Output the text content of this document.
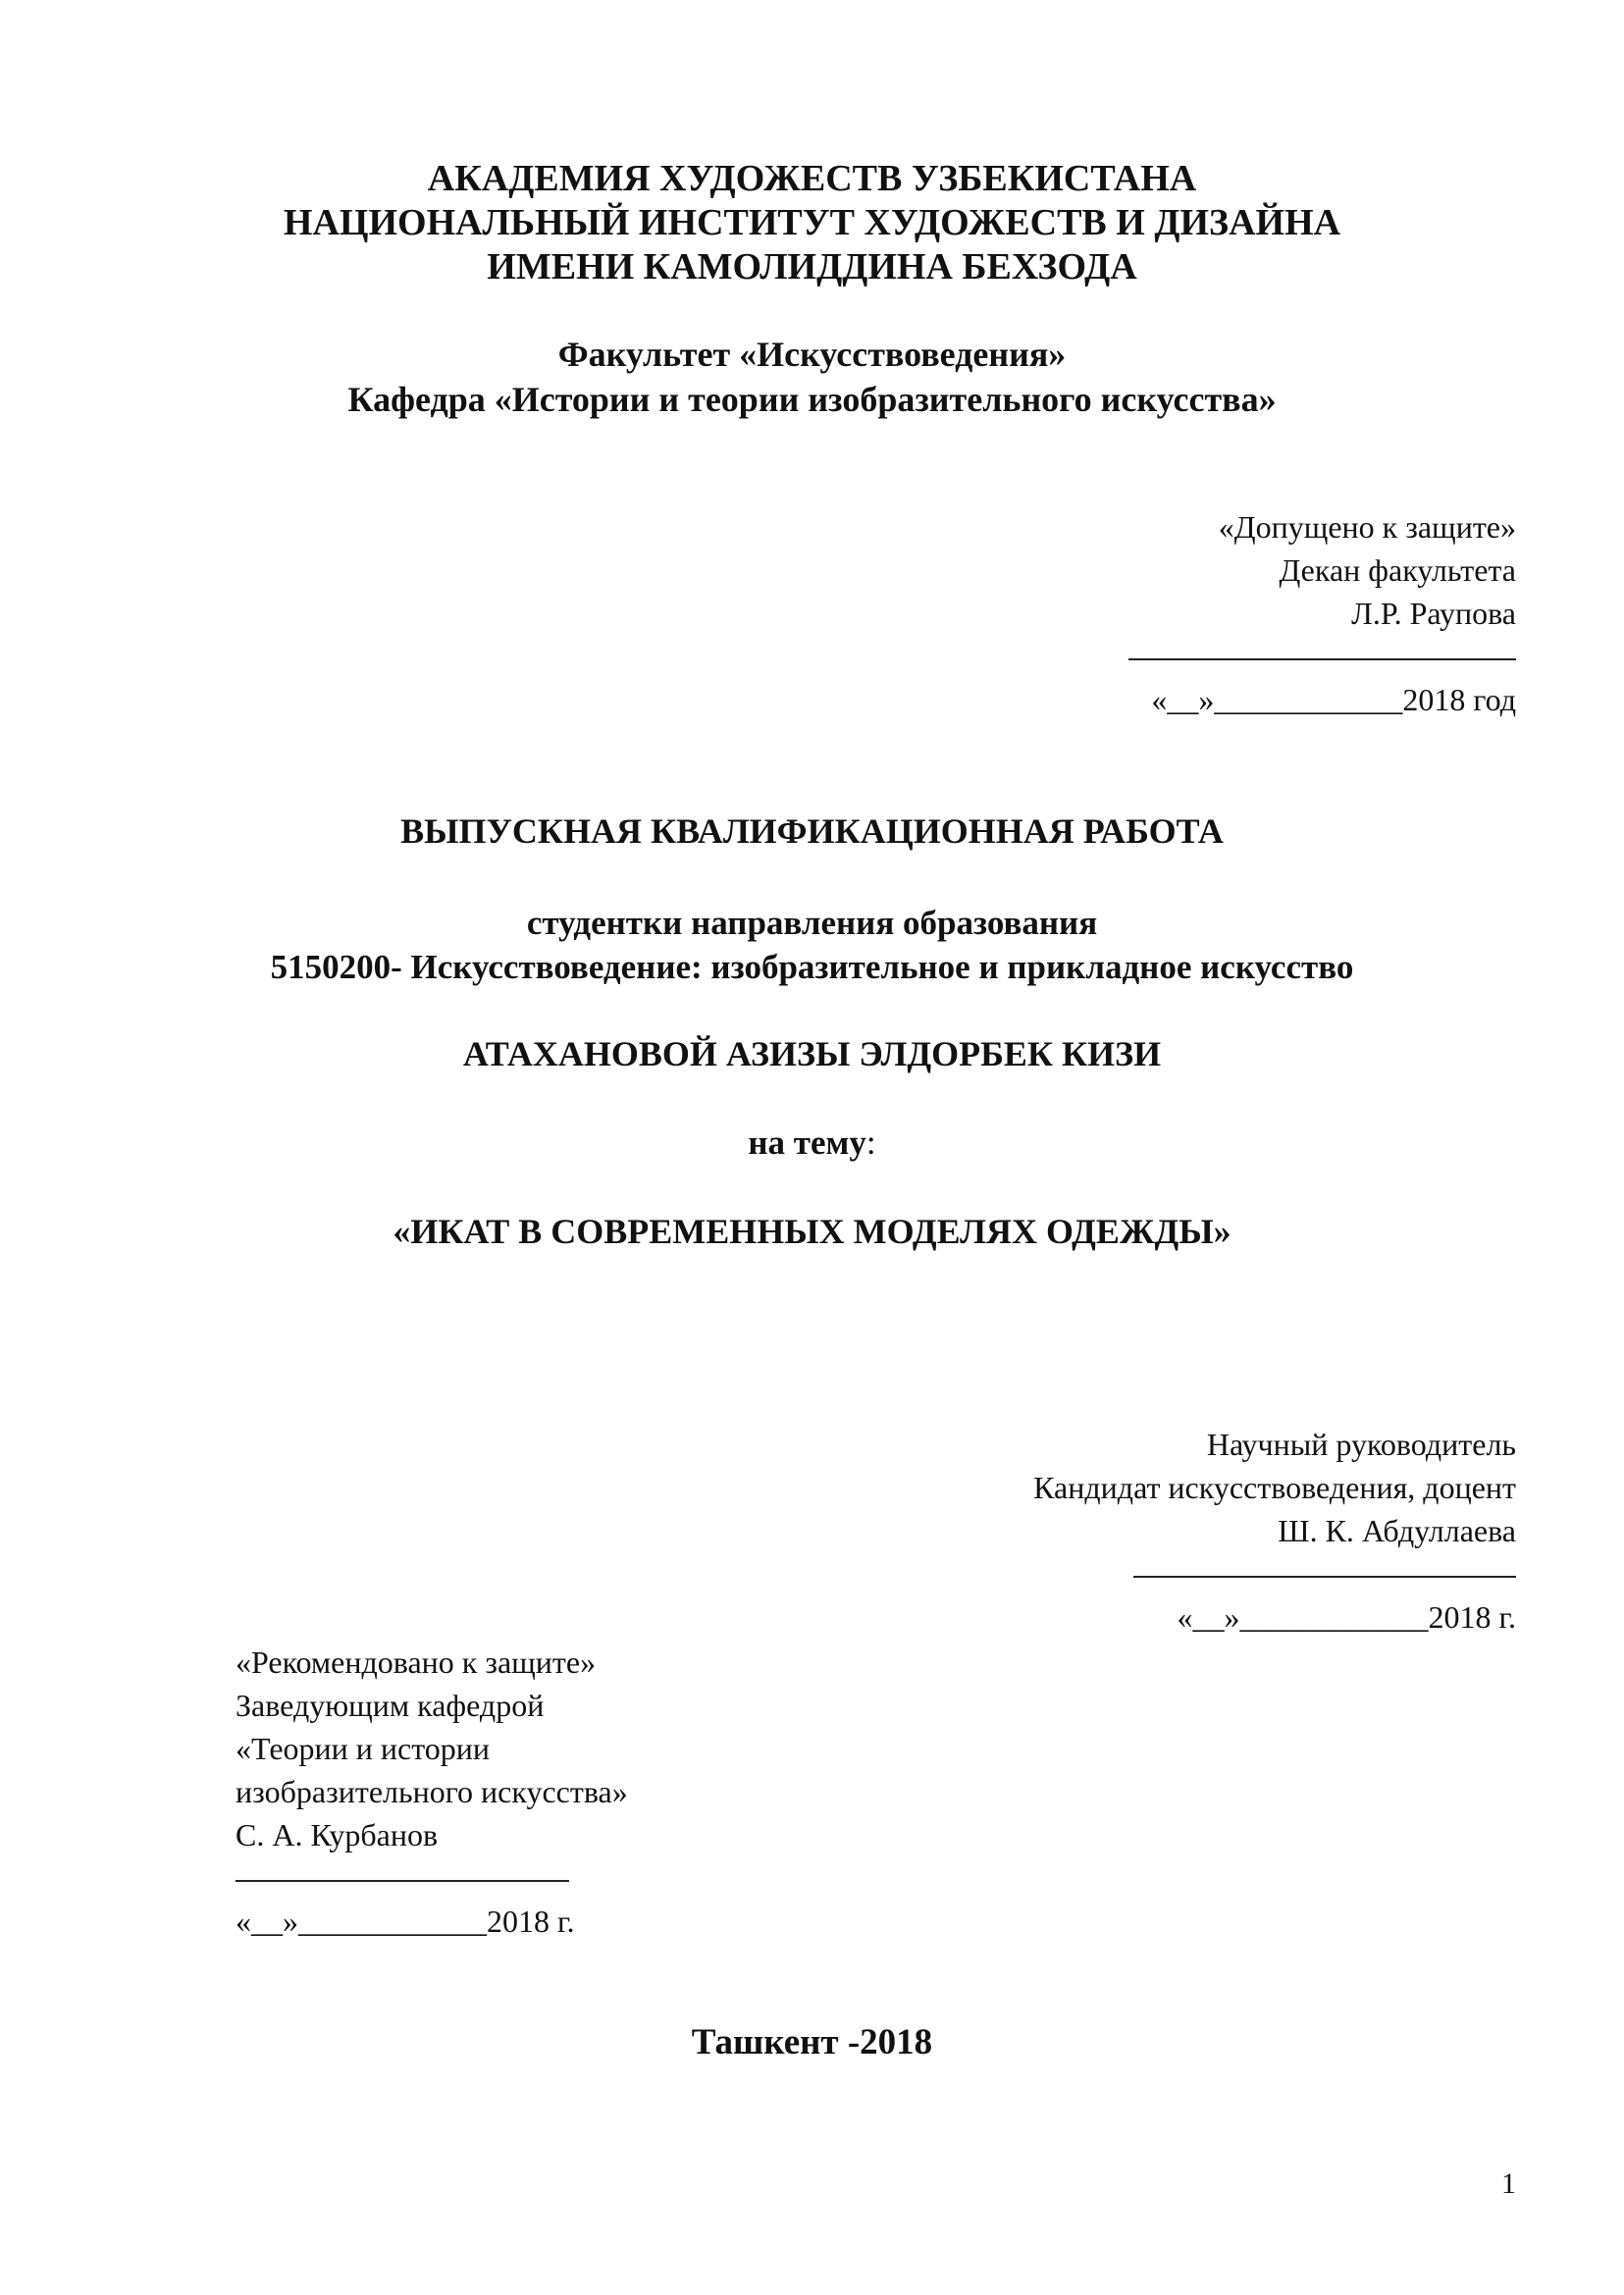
АКАДЕМИЯ ХУДОЖЕСТВ УЗБЕКИСТАНА
НАЦИОНАЛЬНЫЙ ИНСТИТУТ ХУДОЖЕСТВ И ДИЗАЙНА
ИМЕНИ КАМОЛИДДИНА БЕХЗОДА
Факультет «Искусствоведения»
Кафедра «Истории и теории изобразительного искусства»
«Допущено к защите»
Декан факультета
Л.Р. Раупова
«__»____________2018 год
ВЫПУСКНАЯ КВАЛИФИКАЦИОННАЯ РАБОТА
студентки направления образования
5150200- Искусствоведение: изобразительное и прикладное искусство
АТАХАНОВОЙ АЗИЗЫ ЭЛДОРБЕК КИЗИ
на тему:
«ИКАТ В СОВРЕМЕННЫХ МОДЕЛЯХ ОДЕЖДЫ»
Научный руководитель
Кандидат искусствоведения, доцент
Ш. К. Абдуллаева
«__»____________2018 г.
«Рекомендовано к защите»
Заведующим кафедрой
«Теории и истории
изобразительного искусства»
С. А. Курбанов
«__»____________2018 г.
Ташкент -2018
1
